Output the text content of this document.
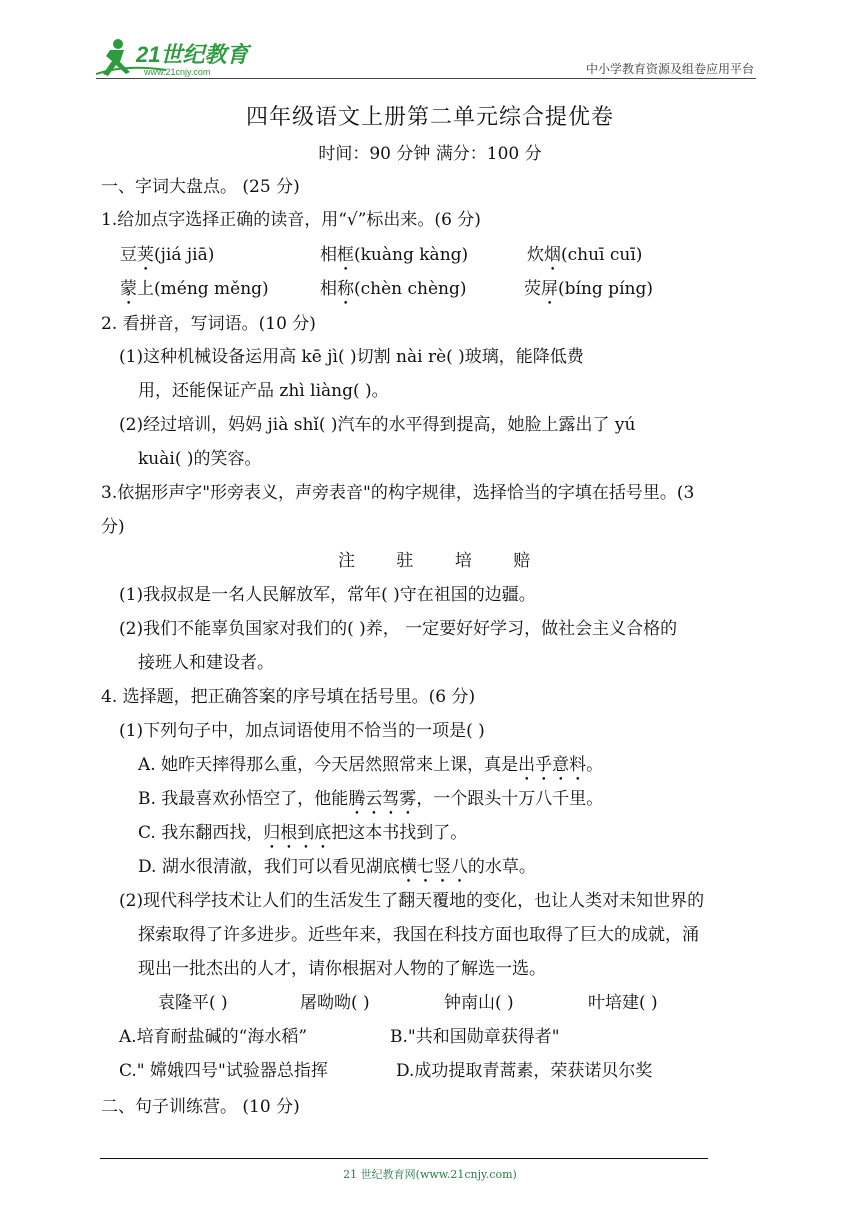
21世纪教育
www.21cnjy.com	中小学教育资源及组卷应用平台
四年级语文上册第二单元综合提优卷
时间：90 分钟 满分：100 分
一、字词大盘点。 (25 分)
1.给加点字选择正确的读音，用“√”标出来。(6 分)
豆荚(jiá jiā)	相框(kuàng kàng)	炊烟(chuī cuī)
蒙上(méng měng)	相称(chèn chèng)	荧屏(bíng píng)
2. 看拼音，写词语。(10 分)
(1)这种机械设备运用高 kē jì( )切割 nài rè( )玻璃，能降低费
用，还能保证产品 zhì liàng( )。
(2)经过培训，妈妈 jià shǐ( )汽车的水平得到提高，她脸上露出了 yú
kuài( )的笑容。
3.依据形声字"形旁表义，声旁表音"的构字规律，选择恰当的字填在括号里。(3
分)
注 驻 培 赔
(1)我叔叔是一名人民解放军，常年( )守在祖国的边疆。
(2)我们不能辜负国家对我们的( )养， 一定要好好学习，做社会主义合格的
接班人和建设者。
4. 选择题，把正确答案的序号填在括号里。(6 分)
(1)下列句子中，加点词语使用不恰当的一项是( )
A. 她昨天摔得那么重，今天居然照常来上课，真是出乎意料。
B. 我最喜欢孙悟空了，他能腾云驾雾，一个跟头十万八千里。
C. 我东翻西找，归根到底把这本书找到了。
D. 湖水很清澈，我们可以看见湖底横七竖八的水草。
(2)现代科学技术让人们的生活发生了翻天覆地的变化，也让人类对未知世界的
探索取得了许多进步。近些年来，我国在科技方面也取得了巨大的成就，涌
现出一批杰出的人才，请你根据对人物的了解选一选。
袁隆平( )	屠呦呦( )	钟南山( )	叶培建( )
A.培育耐盐碱的“海水稻”	B."共和国勋章获得者"
C." 嫦娥四号"试验器总指挥	D.成功提取青蒿素，荣获诺贝尔奖
二、句子训练营。 (10 分)
21 世纪教育网(www.21cnjy.com)
